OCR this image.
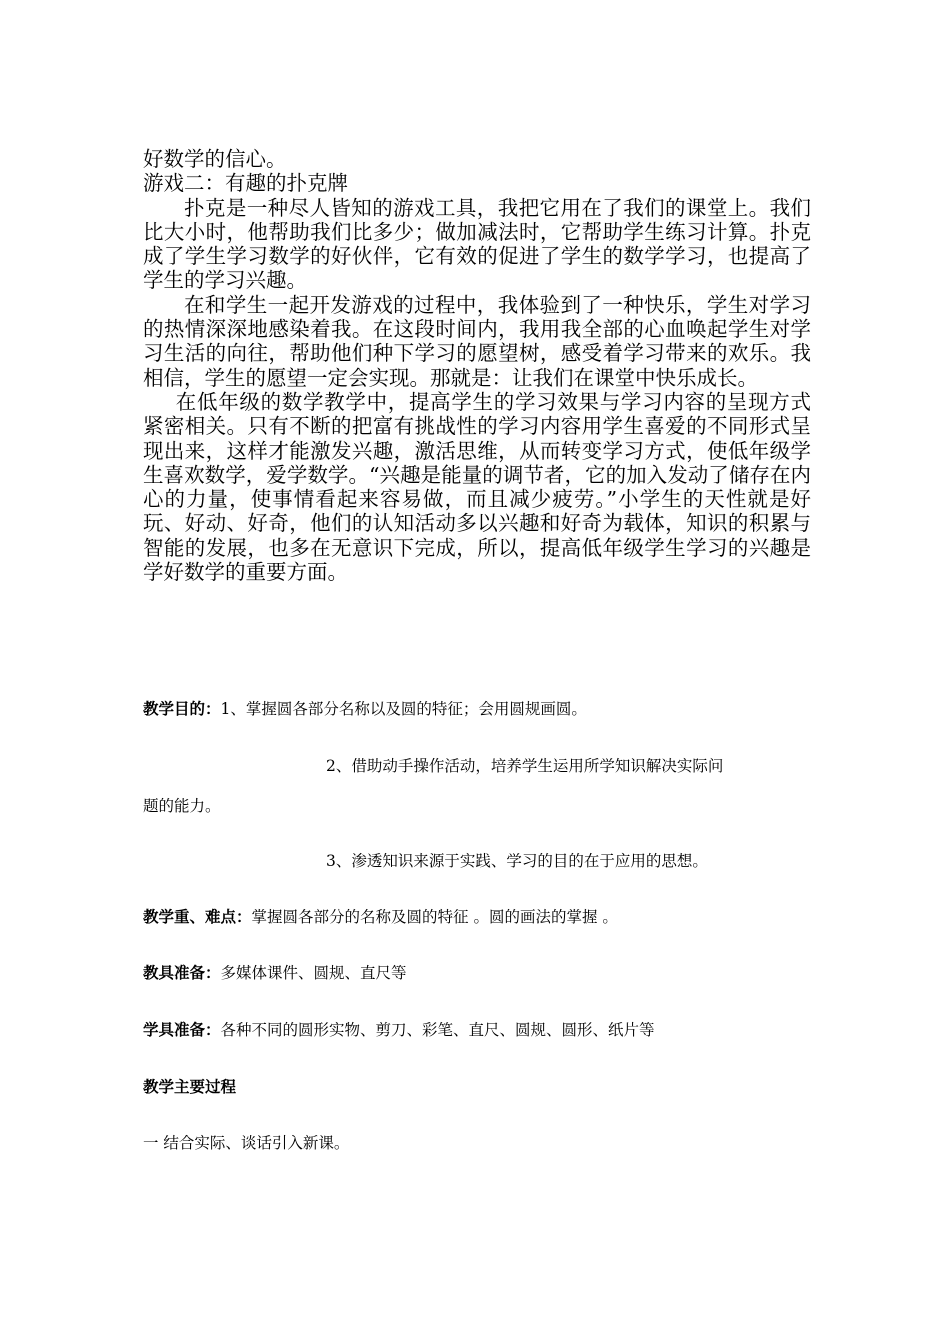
好数学的信心。

游戏二：有趣的扑克牌

扑克是一种尽人皆知的游戏工具，我把它用在了我们的课堂上。我们比大小时，他帮助我们比多少；做加减法时，它帮助学生练习计算。扑克成了学生学习数学的好伙伴，它有效的促进了学生的数学学习，也提高了学生的学习兴趣。

在和学生一起开发游戏的过程中，我体验到了一种快乐，学生对学习的热情深深地感染着我。在这段时间内，我用我全部的心血唤起学生对学习生活的向往，帮助他们种下学习的愿望树，感受着学习带来的欢乐。我相信，学生的愿望一定会实现。那就是：让我们在课堂中快乐成长。

在低年级的数学教学中，提高学生的学习效果与学习内容的呈现方式紧密相关。只有不断的把富有挑战性的学习内容用学生喜爱的不同形式呈现出来，这样才能激发兴趣，激活思维，从而转变学习方式，使低年级学生喜欢数学，爱学数学。“兴趣是能量的调节者，它的加入发动了储存在内心的力量，使事情看起来容易做，而且减少疲劳。”小学生的天性就是好玩、好动、好奇，他们的认知活动多以兴趣和好奇为载体，知识的积累与智能的发展，也多在无意识下完成，所以，提高低年级学生学习的兴趣是学好数学的重要方面。

教学目的：1、掌握圆各部分名称以及圆的特征；会用圆规画圆。
2、借助动手操作活动，培养学生运用所学知识解决实际问
题的能力。
3、渗透知识来源于实践、学习的目的在于应用的思想。
教学重、难点：掌握圆各部分的名称及圆的特征 。圆的画法的掌握 。
教具准备：多媒体课件、圆规、直尺等
学具准备：各种不同的圆形实物、剪刀、彩笔、直尺、圆规、圆形、纸片等
教学主要过程
一 结合实际、谈话引入新课。
